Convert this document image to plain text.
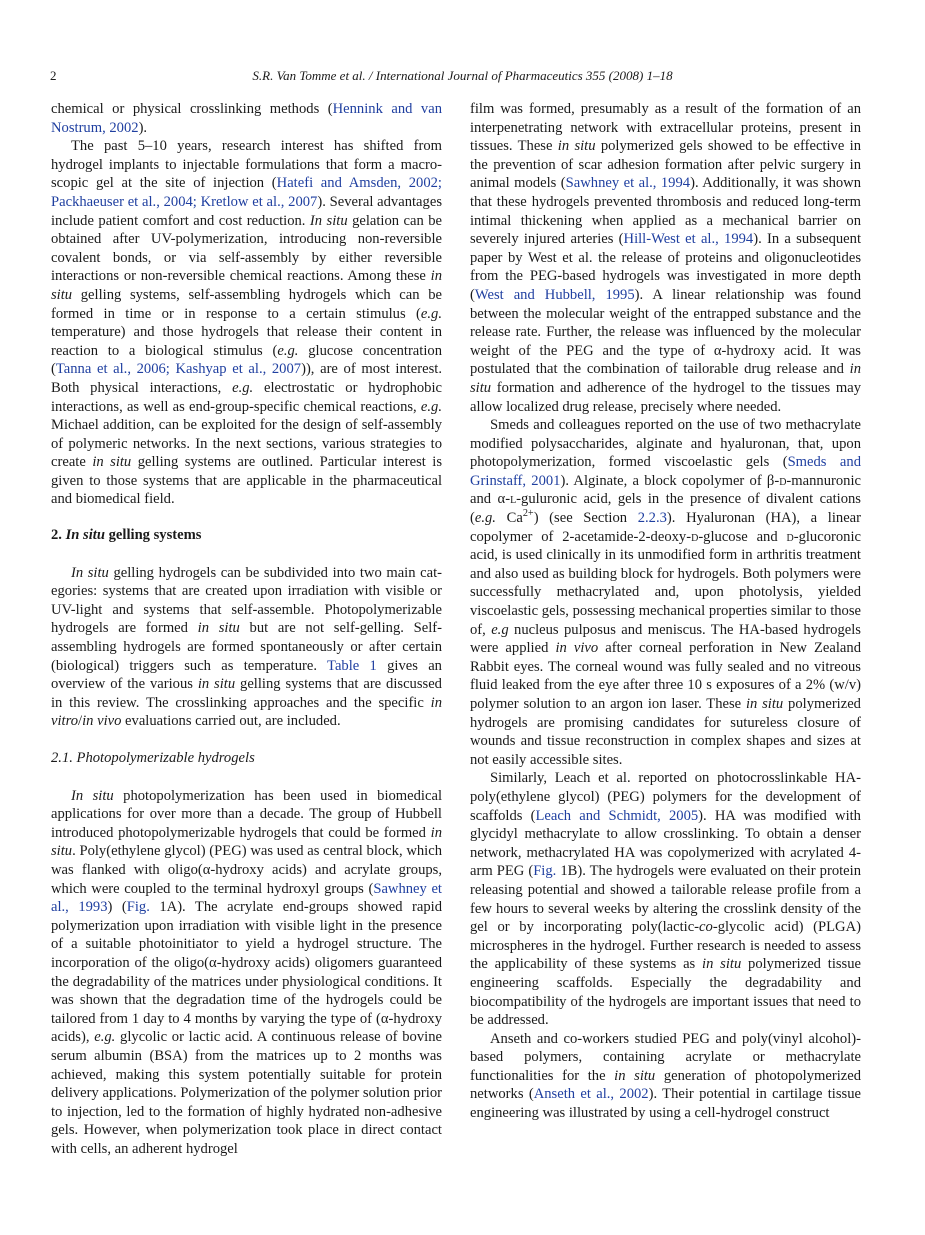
2	S.R. Van Tomme et al. / International Journal of Pharmaceutics 355 (2008) 1–18

chemical or physical crosslinking methods (Hennink and van Nostrum, 2002).

The past 5–10 years, research interest has shifted from hydrogel implants to injectable formulations that form a macroscopic gel at the site of injection (Hatefi and Amsden, 2002; Packhaeuser et al., 2004; Kretlow et al., 2007). Several advantages include patient comfort and cost reduction. In situ gelation can be obtained after UV-polymerization, introducing non-reversible covalent bonds, or via self-assembly by either reversible interactions or non-reversible chemical reactions. Among these in situ gelling systems, self-assembling hydrogels which can be formed in time or in response to a certain stimulus (e.g. temperature) and those hydrogels that release their content in reaction to a biological stimulus (e.g. glucose concentration (Tanna et al., 2006; Kashyap et al., 2007)), are of most interest. Both physical interactions, e.g. electrostatic or hydrophobic interactions, as well as end-group-specific chemical reactions, e.g. Michael addition, can be exploited for the design of self-assembly of polymeric networks. In the next sections, various strategies to create in situ gelling systems are outlined. Particular interest is given to those systems that are applicable in the pharmaceutical and biomedical field.

2. In situ gelling systems

In situ gelling hydrogels can be subdivided into two main categories: systems that are created upon irradiation with visible or UV-light and systems that self-assemble. Photopolymerizable hydrogels are formed in situ but are not self-gelling. Self-assembling hydrogels are formed spontaneously or after certain (biological) triggers such as temperature. Table 1 gives an overview of the various in situ gelling systems that are discussed in this review. The crosslinking approaches and the specific in vitro/in vivo evaluations carried out, are included.

2.1. Photopolymerizable hydrogels

In situ photopolymerization has been used in biomedical applications for over more than a decade. The group of Hubbell introduced photopolymerizable hydrogels that could be formed in situ. Poly(ethylene glycol) (PEG) was used as central block, which was flanked with oligo(α-hydroxy acids) and acrylate groups, which were coupled to the terminal hydroxyl groups (Sawhney et al., 1993) (Fig. 1A). The acrylate end-groups showed rapid polymerization upon irradiation with visible light in the presence of a suitable photoinitiator to yield a hydrogel structure. The incorporation of the oligo(α-hydroxy acids) oligomers guaranteed the degradability of the matrices under physiological conditions. It was shown that the degradation time of the hydrogels could be tailored from 1 day to 4 months by varying the type of (α-hydroxy acids), e.g. glycolic or lactic acid. A continuous release of bovine serum albumin (BSA) from the matrices up to 2 months was achieved, making this system potentially suitable for protein delivery applications. Polymerization of the polymer solution prior to injection, led to the formation of highly hydrated non-adhesive gels. However, when polymerization took place in direct contact with cells, an adherent hydrogel

film was formed, presumably as a result of the formation of an interpenetrating network with extracellular proteins, present in tissues. These in situ polymerized gels showed to be effective in the prevention of scar adhesion formation after pelvic surgery in animal models (Sawhney et al., 1994). Additionally, it was shown that these hydrogels prevented thrombosis and reduced long-term intimal thickening when applied as a mechanical barrier on severely injured arteries (Hill-West et al., 1994). In a subsequent paper by West et al. the release of proteins and oligonucleotides from the PEG-based hydrogels was investigated in more depth (West and Hubbell, 1995). A linear relationship was found between the molecular weight of the entrapped substance and the release rate. Further, the release was influenced by the molecular weight of the PEG and the type of α-hydroxy acid. It was postulated that the combination of tailorable drug release and in situ formation and adherence of the hydrogel to the tissues may allow localized drug release, precisely where needed.

Smeds and colleagues reported on the use of two methacrylate modified polysaccharides, alginate and hyaluronan, that, upon photopolymerization, formed viscoelastic gels (Smeds and Grinstaff, 2001). Alginate, a block copolymer of β-d-mannuronic and α-l-guluronic acid, gels in the presence of divalent cations (e.g. $Ca^{2+}$) (see Section 2.2.3). Hyaluronan (HA), a linear copolymer of 2-acetamide-2-deoxy-d-glucose and d-glucoronic acid, is used clinically in its unmodified form in arthritis treatment and also used as building block for hydrogels. Both polymers were successfully methacrylated and, upon photolysis, yielded viscoelastic gels, possessing mechanical properties similar to those of, e.g nucleus pulposus and meniscus. The HA-based hydrogels were applied in vivo after corneal perforation in New Zealand Rabbit eyes. The corneal wound was fully sealed and no vitreous fluid leaked from the eye after three 10 s exposures of a 2% (w/v) polymer solution to an argon ion laser. These in situ polymerized hydrogels are promising candidates for sutureless closure of wounds and tissue reconstruction in complex shapes and sizes at not easily accessible sites.

Similarly, Leach et al. reported on photocrosslinkable HA-poly(ethylene glycol) (PEG) polymers for the development of scaffolds (Leach and Schmidt, 2005). HA was modified with glycidyl methacrylate to allow crosslinking. To obtain a denser network, methacrylated HA was copolymerized with acrylated 4-arm PEG (Fig. 1B). The hydrogels were evaluated on their protein releasing potential and showed a tailorable release profile from a few hours to several weeks by altering the crosslink density of the gel or by incorporating poly(lactic-co-glycolic acid) (PLGA) microspheres in the hydrogel. Further research is needed to assess the applicability of these systems as in situ polymerized tissue engineering scaffolds. Especially the degradability and biocompatibility of the hydrogels are important issues that need to be addressed.

Anseth and co-workers studied PEG and poly(vinyl alcohol)-based polymers, containing acrylate or methacrylate functionalities for the in situ generation of photopolymerized networks (Anseth et al., 2002). Their potential in cartilage tissue engineering was illustrated by using a cell-hydrogel construct
